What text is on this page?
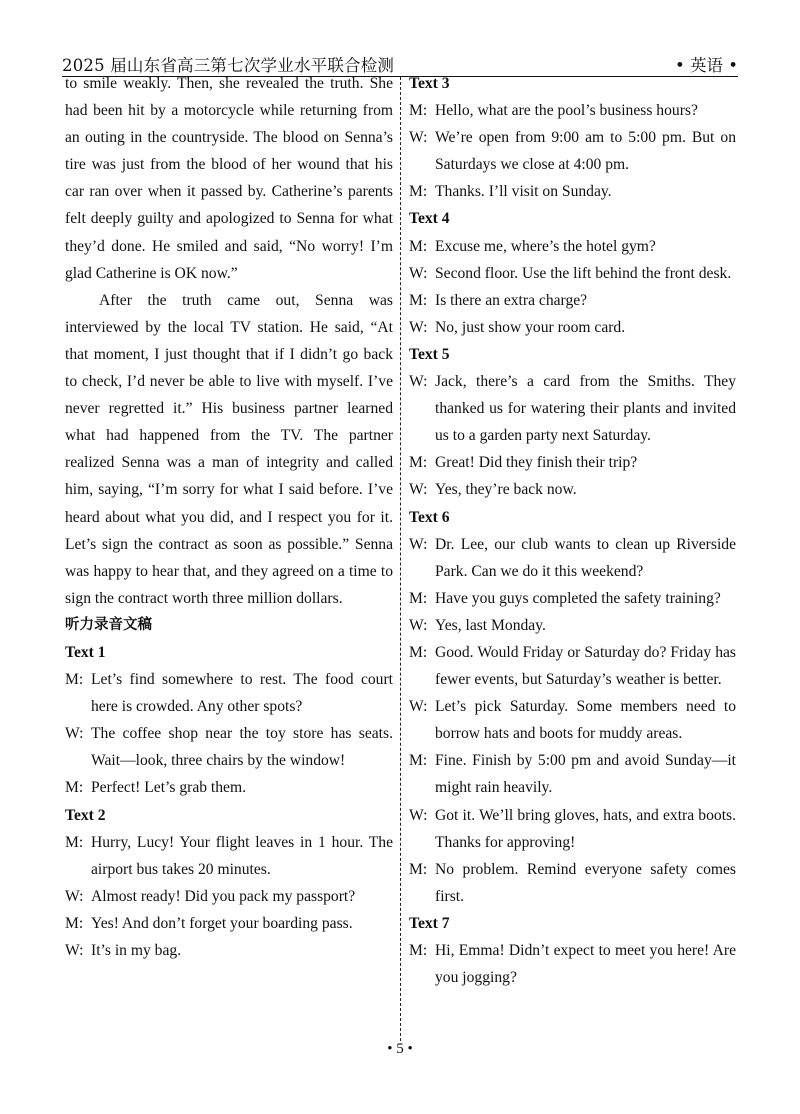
2025 届山东省高三第七次学业水平联合检测	• 英语 •

to smile weakly. Then, she revealed the truth. She had been hit by a motorcycle while returning from an outing in the countryside. The blood on Senna’s tire was just from the blood of her wound that his car ran over when it passed by. Catherine’s parents felt deeply guilty and apologized to Senna for what they’d done. He smiled and said, “No worry! I’m glad Catherine is OK now.”

After the truth came out, Senna was interviewed by the local TV station. He said, “At that moment, I just thought that if I didn’t go back to check, I’d never be able to live with myself. I’ve never regretted it.” His business partner learned what had happened from the TV. The partner realized Senna was a man of integrity and called him, saying, “I’m sorry for what I said before. I’ve heard about what you did, and I respect you for it. Let’s sign the contract as soon as possible.” Senna was happy to hear that, and they agreed on a time to sign the contract worth three million dollars.

听力录音文稿

Text 1

M: Let’s find somewhere to rest. The food court here is crowded. Any other spots?

W: The coffee shop near the toy store has seats. Wait—look, three chairs by the window!

M: Perfect! Let’s grab them.

Text 2

M: Hurry, Lucy! Your flight leaves in 1 hour. The airport bus takes 20 minutes.

W: Almost ready! Did you pack my passport?

M: Yes! And don’t forget your boarding pass.

W: It’s in my bag.

Text 3

M: Hello, what are the pool’s business hours?

W: We’re open from 9:00 am to 5:00 pm. But on Saturdays we close at 4:00 pm.

M: Thanks. I’ll visit on Sunday.

Text 4

M: Excuse me, where’s the hotel gym?

W: Second floor. Use the lift behind the front desk.

M: Is there an extra charge?

W: No, just show your room card.

Text 5

W: Jack, there’s a card from the Smiths. They thanked us for watering their plants and invited us to a garden party next Saturday.

M: Great! Did they finish their trip?

W: Yes, they’re back now.

Text 6

W: Dr. Lee, our club wants to clean up Riverside Park. Can we do it this weekend?

M: Have you guys completed the safety training?

W: Yes, last Monday.

M: Good. Would Friday or Saturday do? Friday has fewer events, but Saturday’s weather is better.

W: Let’s pick Saturday. Some members need to borrow hats and boots for muddy areas.

M: Fine. Finish by 5:00 pm and avoid Sunday—it might rain heavily.

W: Got it. We’ll bring gloves, hats, and extra boots. Thanks for approving!

M: No problem. Remind everyone safety comes first.

Text 7

M: Hi, Emma! Didn’t expect to meet you here! Are you jogging?

• 5 •
